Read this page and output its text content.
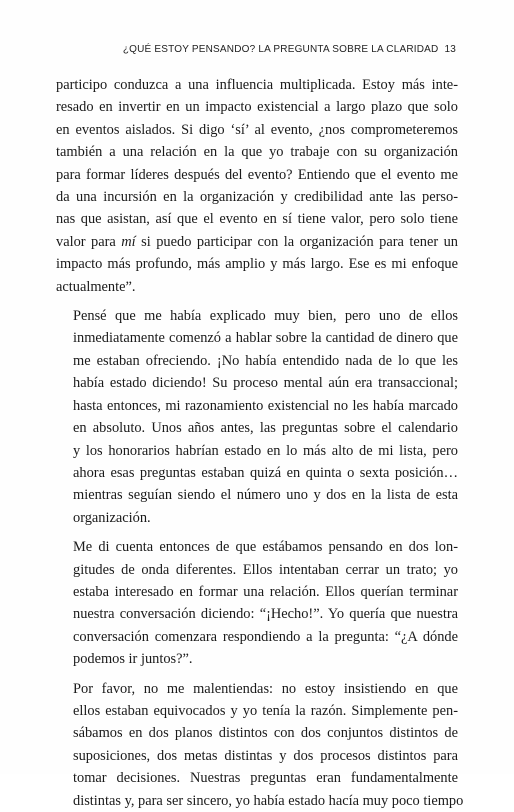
¿QUÉ ESTOY PENSANDO? LA PREGUNTA SOBRE LA CLARIDAD 13

participo conduzca a una influencia multiplicada. Estoy más inte-
resado en invertir en un impacto existencial a largo plazo que solo
en eventos aislados. Si digo ‘sí’ al evento, ¿nos comprometeremos
también a una relación en la que yo trabaje con su organización
para formar líderes después del evento? Entiendo que el evento me
da una incursión en la organización y credibilidad ante las perso-
nas que asistan, así que el evento en sí tiene valor, pero solo tiene
valor para mí si puedo participar con la organización para tener un
impacto más profundo, más amplio y más largo. Ese es mi enfoque
actualmente”.

Pensé que me había explicado muy bien, pero uno de ellos
inmediatamente comenzó a hablar sobre la cantidad de dinero que
me estaban ofreciendo. ¡No había entendido nada de lo que les
había estado diciendo! Su proceso mental aún era transaccional;
hasta entonces, mi razonamiento existencial no les había marcado
en absoluto. Unos años antes, las preguntas sobre el calendario
y los honorarios habrían estado en lo más alto de mi lista, pero
ahora esas preguntas estaban quizá en quinta o sexta posición…
mientras seguían siendo el número uno y dos en la lista de esta
organización.

Me di cuenta entonces de que estábamos pensando en dos lon-
gitudes de onda diferentes. Ellos intentaban cerrar un trato; yo
estaba interesado en formar una relación. Ellos querían terminar
nuestra conversación diciendo: “¡Hecho!”. Yo quería que nuestra
conversación comenzara respondiendo a la pregunta: “¿A dónde
podemos ir juntos?”.

Por favor, no me malentiendas: no estoy insistiendo en que
ellos estaban equivocados y yo tenía la razón. Simplemente pen-
sábamos en dos planos distintos con dos conjuntos distintos de
suposiciones, dos metas distintas y dos procesos distintos para
tomar decisiones. Nuestras preguntas eran fundamentalmente
distintas y, para ser sincero, yo había estado hacía muy poco tiempo
